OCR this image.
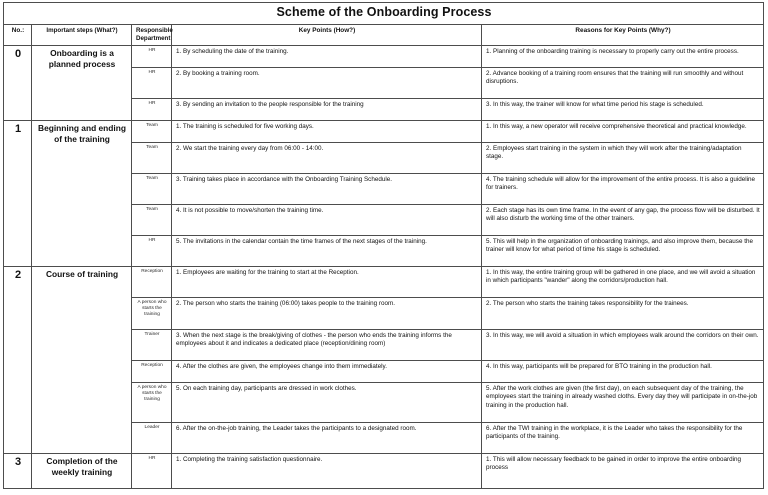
Scheme of the Onboarding Process				
No.:	Important steps (What?)	Responsible Department	Key Points (How?)	Reasons for Key Points (Why?)
0	Onboarding is a planned process	HR	1. By scheduling the date of the training.	1. Planning of the onboarding training is necessary to properly carry out the entire process.
		HR	2. By booking a training room.	2. Advance booking of a training room ensures that the training will run smoothly and without disruptions.
		HR	3. By sending an invitation to the people responsible for the training	3. In this way, the trainer will know for what time period his stage is scheduled.
1	Beginning and ending of the training	Team	1. The training is scheduled for five working days.	1. In this way, a new operator will receive comprehensive theoretical and practical knowledge.
		Team	2. We start the training every day from 06:00 - 14:00.	2. Employees start training in the system in which they will work after the training/adaptation stage.
		Team	3. Training takes place in accordance with the Onboarding Training Schedule.	4. The training schedule will allow for the improvement of the entire process. It is also a guideline for trainers.
		Team	4. It is not possible to move/shorten the training time.	2. Each stage has its own time frame. In the event of any gap, the process flow will be disturbed. It will also disturb the working time of the other trainers.
		HR	5. The invitations in the calendar contain the time frames of the next stages of the training.	5. This will help in the organization of onboarding trainings, and also improve them, because the trainer will know for what period of time his stage is scheduled.
2	Course of training	Reception	1. Employees are waiting for the training to start at the Reception.	1. In this way, the entire training group will be gathered in one place, and we will avoid a situation in which participants "wander" along the corridors/production hall.
		A person who starts the training	2. The person who starts the training (06:00) takes people to the training room.	2. The person who starts the training takes responsibility for the trainees.
		Trainer	3. When the next stage is the break/giving of clothes - the person who ends the training informs the employees about it and indicates a dedicated place (reception/dining room)	3. In this way, we will avoid a situation in which employees walk around the corridors on their own.
		Reception	4. After the clothes are given, the employees change into them immediately.	4. In this way, participants will be prepared for BTO training in the production hall.
		A person who starts the training	5. On each training day, participants are dressed in work clothes.	5. After the work clothes are given (the first day), on each subsequent day of the training, the employees start the training in already washed cloths. Every day they will participate in on-the-job training in the production hall.
		Leader	6. After the on-the-job training, the Leader takes the participants to a designated room.	6. After the TWI training in the workplace, it is the Leader who takes the responsibility for the participants of the training.
3	Completion of the weekly training	HR	1. Completing the training satisfaction questionnaire.	1. This will allow necessary feedback to be gained in order to improve the entire onboarding process
